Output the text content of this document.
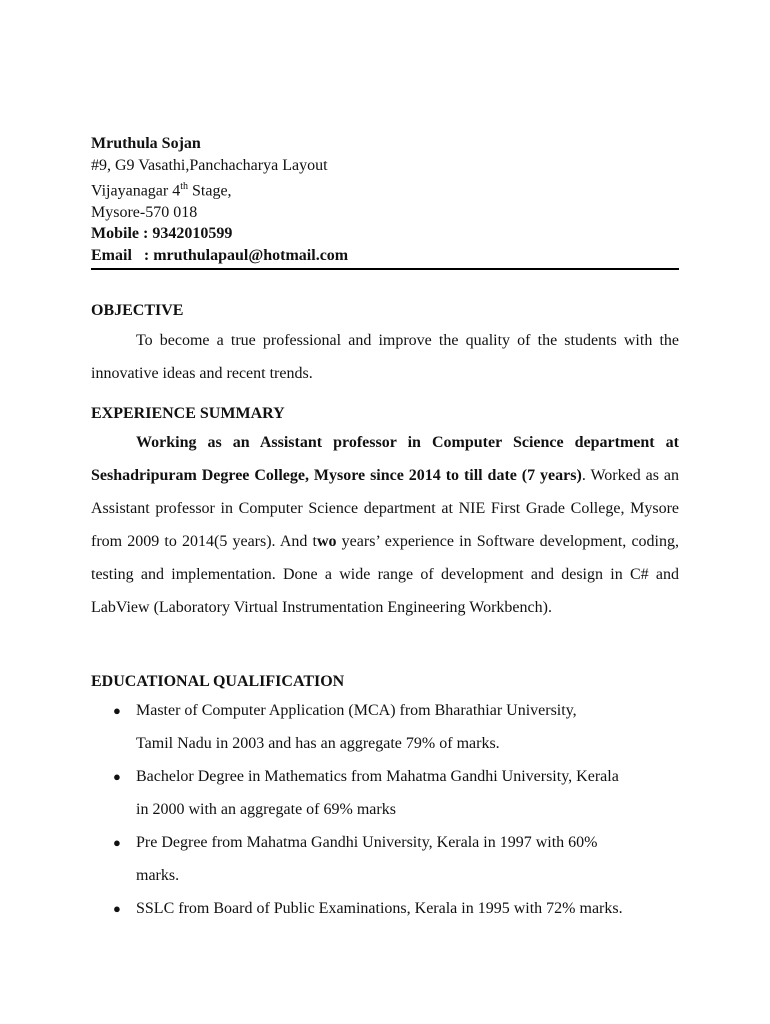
Mruthula Sojan
#9, G9 Vasathi,Panchacharya Layout
Vijayanagar 4th Stage,
Mysore-570 018
Mobile : 9342010599
Email   : mruthulapaul@hotmail.com
OBJECTIVE
To become a true professional and improve the quality of the students with the innovative ideas and recent trends.
EXPERIENCE SUMMARY
Working as an Assistant professor in Computer Science department at Seshadripuram Degree College, Mysore since 2014 to till date (7 years). Worked as an Assistant professor in Computer Science department at NIE First Grade College, Mysore from 2009 to 2014(5 years). And two years’ experience in Software development, coding, testing and implementation. Done a wide range of development and design in C# and LabView (Laboratory Virtual Instrumentation Engineering Workbench).
EDUCATIONAL QUALIFICATION
● Master of Computer Application (MCA) from Bharathiar University,
Tamil Nadu in 2003 and has an aggregate 79% of marks.
● Bachelor Degree in Mathematics from Mahatma Gandhi University, Kerala
in 2000 with an aggregate of 69% marks
● Pre Degree from Mahatma Gandhi University, Kerala in 1997 with 60%
marks.
● SSLC from Board of Public Examinations, Kerala in 1995 with 72% marks.
